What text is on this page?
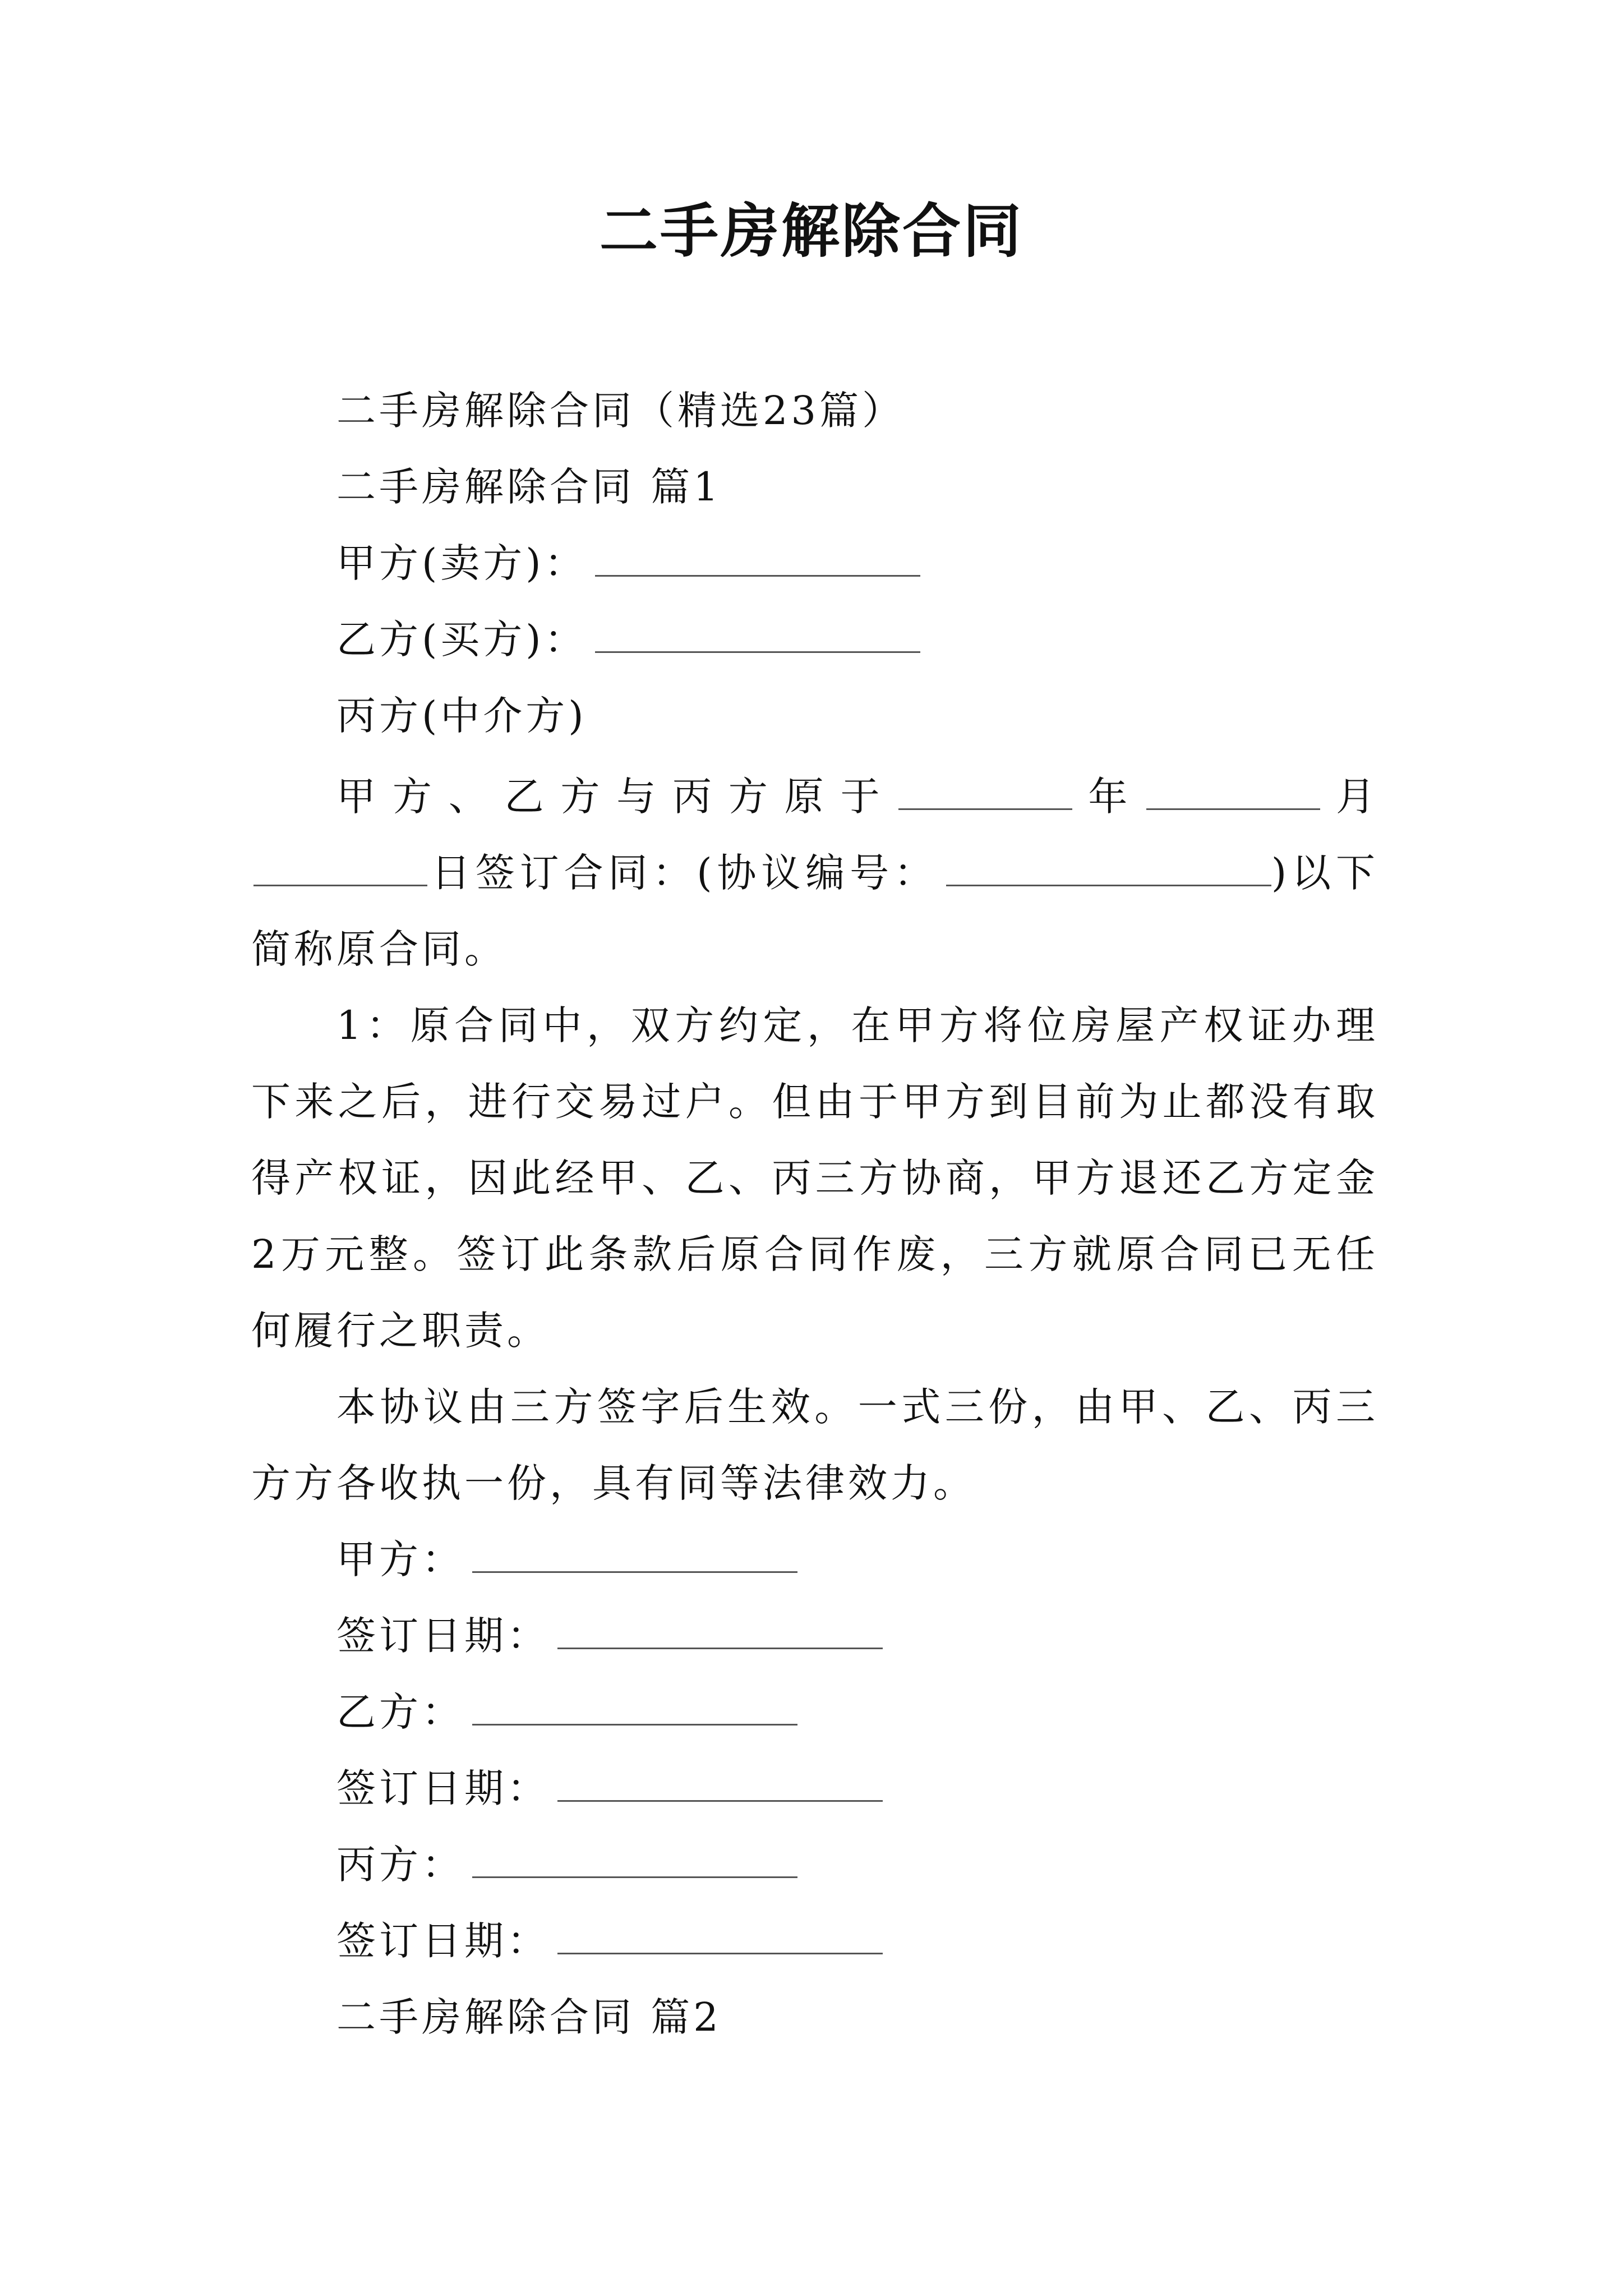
二手房解除合同
二手房解除合同（精选23篇）
二手房解除合同 篇1
甲方(卖方)：
乙方(买方)：
丙方(中介方)
甲方、乙方与丙方原于	年	月日签订合同：(协议编号：	)以下简称原合同。
1：原合同中，双方约定，在甲方将位房屋产权证办理下来之后，进行交易过户。但由于甲方到目前为止都没有取得产权证，因此经甲、乙、丙三方协商，甲方退还乙方定金2万元整。签订此条款后原合同作废，三方就原合同已无任何履行之职责。
本协议由三方签字后生效。一式三份，由甲、乙、丙三方方各收执一份，具有同等法律效力。
甲方：
签订日期：
乙方：
签订日期：
丙方：
签订日期：
二手房解除合同 篇2
